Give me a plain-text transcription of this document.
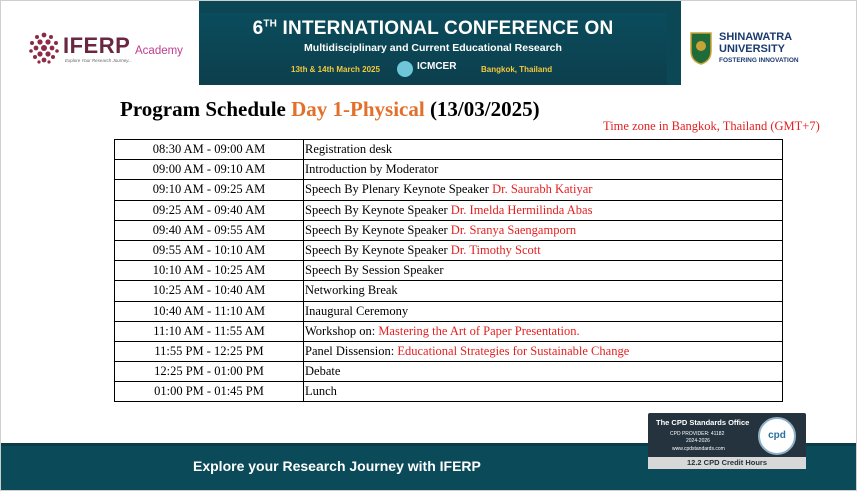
IFERP Academy
Explore Your Research Journey...
6TH INTERNATIONAL CONFERENCE ON
Multidisciplinary and Current Educational Research
13th & 14th March 2025	ICMCER	Bangkok, Thailand
SHINAWATRA
UNIVERSITY
FOSTERING INNOVATION
Program Schedule Day 1-Physical (13/03/2025)
Time zone in Bangkok, Thailand (GMT+7)
08:30 AM - 09:00 AM	Registration desk
09:00 AM - 09:10 AM	Introduction by Moderator
09:10 AM - 09:25 AM	Speech By Plenary Keynote Speaker Dr. Saurabh Katiyar
09:25 AM - 09:40 AM	Speech By Keynote Speaker Dr. Imelda Hermilinda Abas
09:40 AM - 09:55 AM	Speech By Keynote Speaker Dr. Sranya Saengamporn
09:55 AM - 10:10 AM	Speech By Keynote Speaker Dr. Timothy Scott
10:10 AM - 10:25 AM	Speech By Session Speaker
10:25 AM - 10:40 AM	Networking Break
10:40 AM - 11:10 AM	Inaugural Ceremony
11:10 AM - 11:55 AM	Workshop on: Mastering the Art of Paper Presentation.
11:55 PM - 12:25 PM	Panel Dissension: Educational Strategies for Sustainable Change
12:25 PM - 01:00 PM	Debate
01:00 PM - 01:45 PM	Lunch
Explore your Research Journey with IFERP
The CPD Standards Office
CPD PROVIDER: 41182
2024-2026
www.cpdstandards.com
cpd
12.2 CPD Credit Hours
